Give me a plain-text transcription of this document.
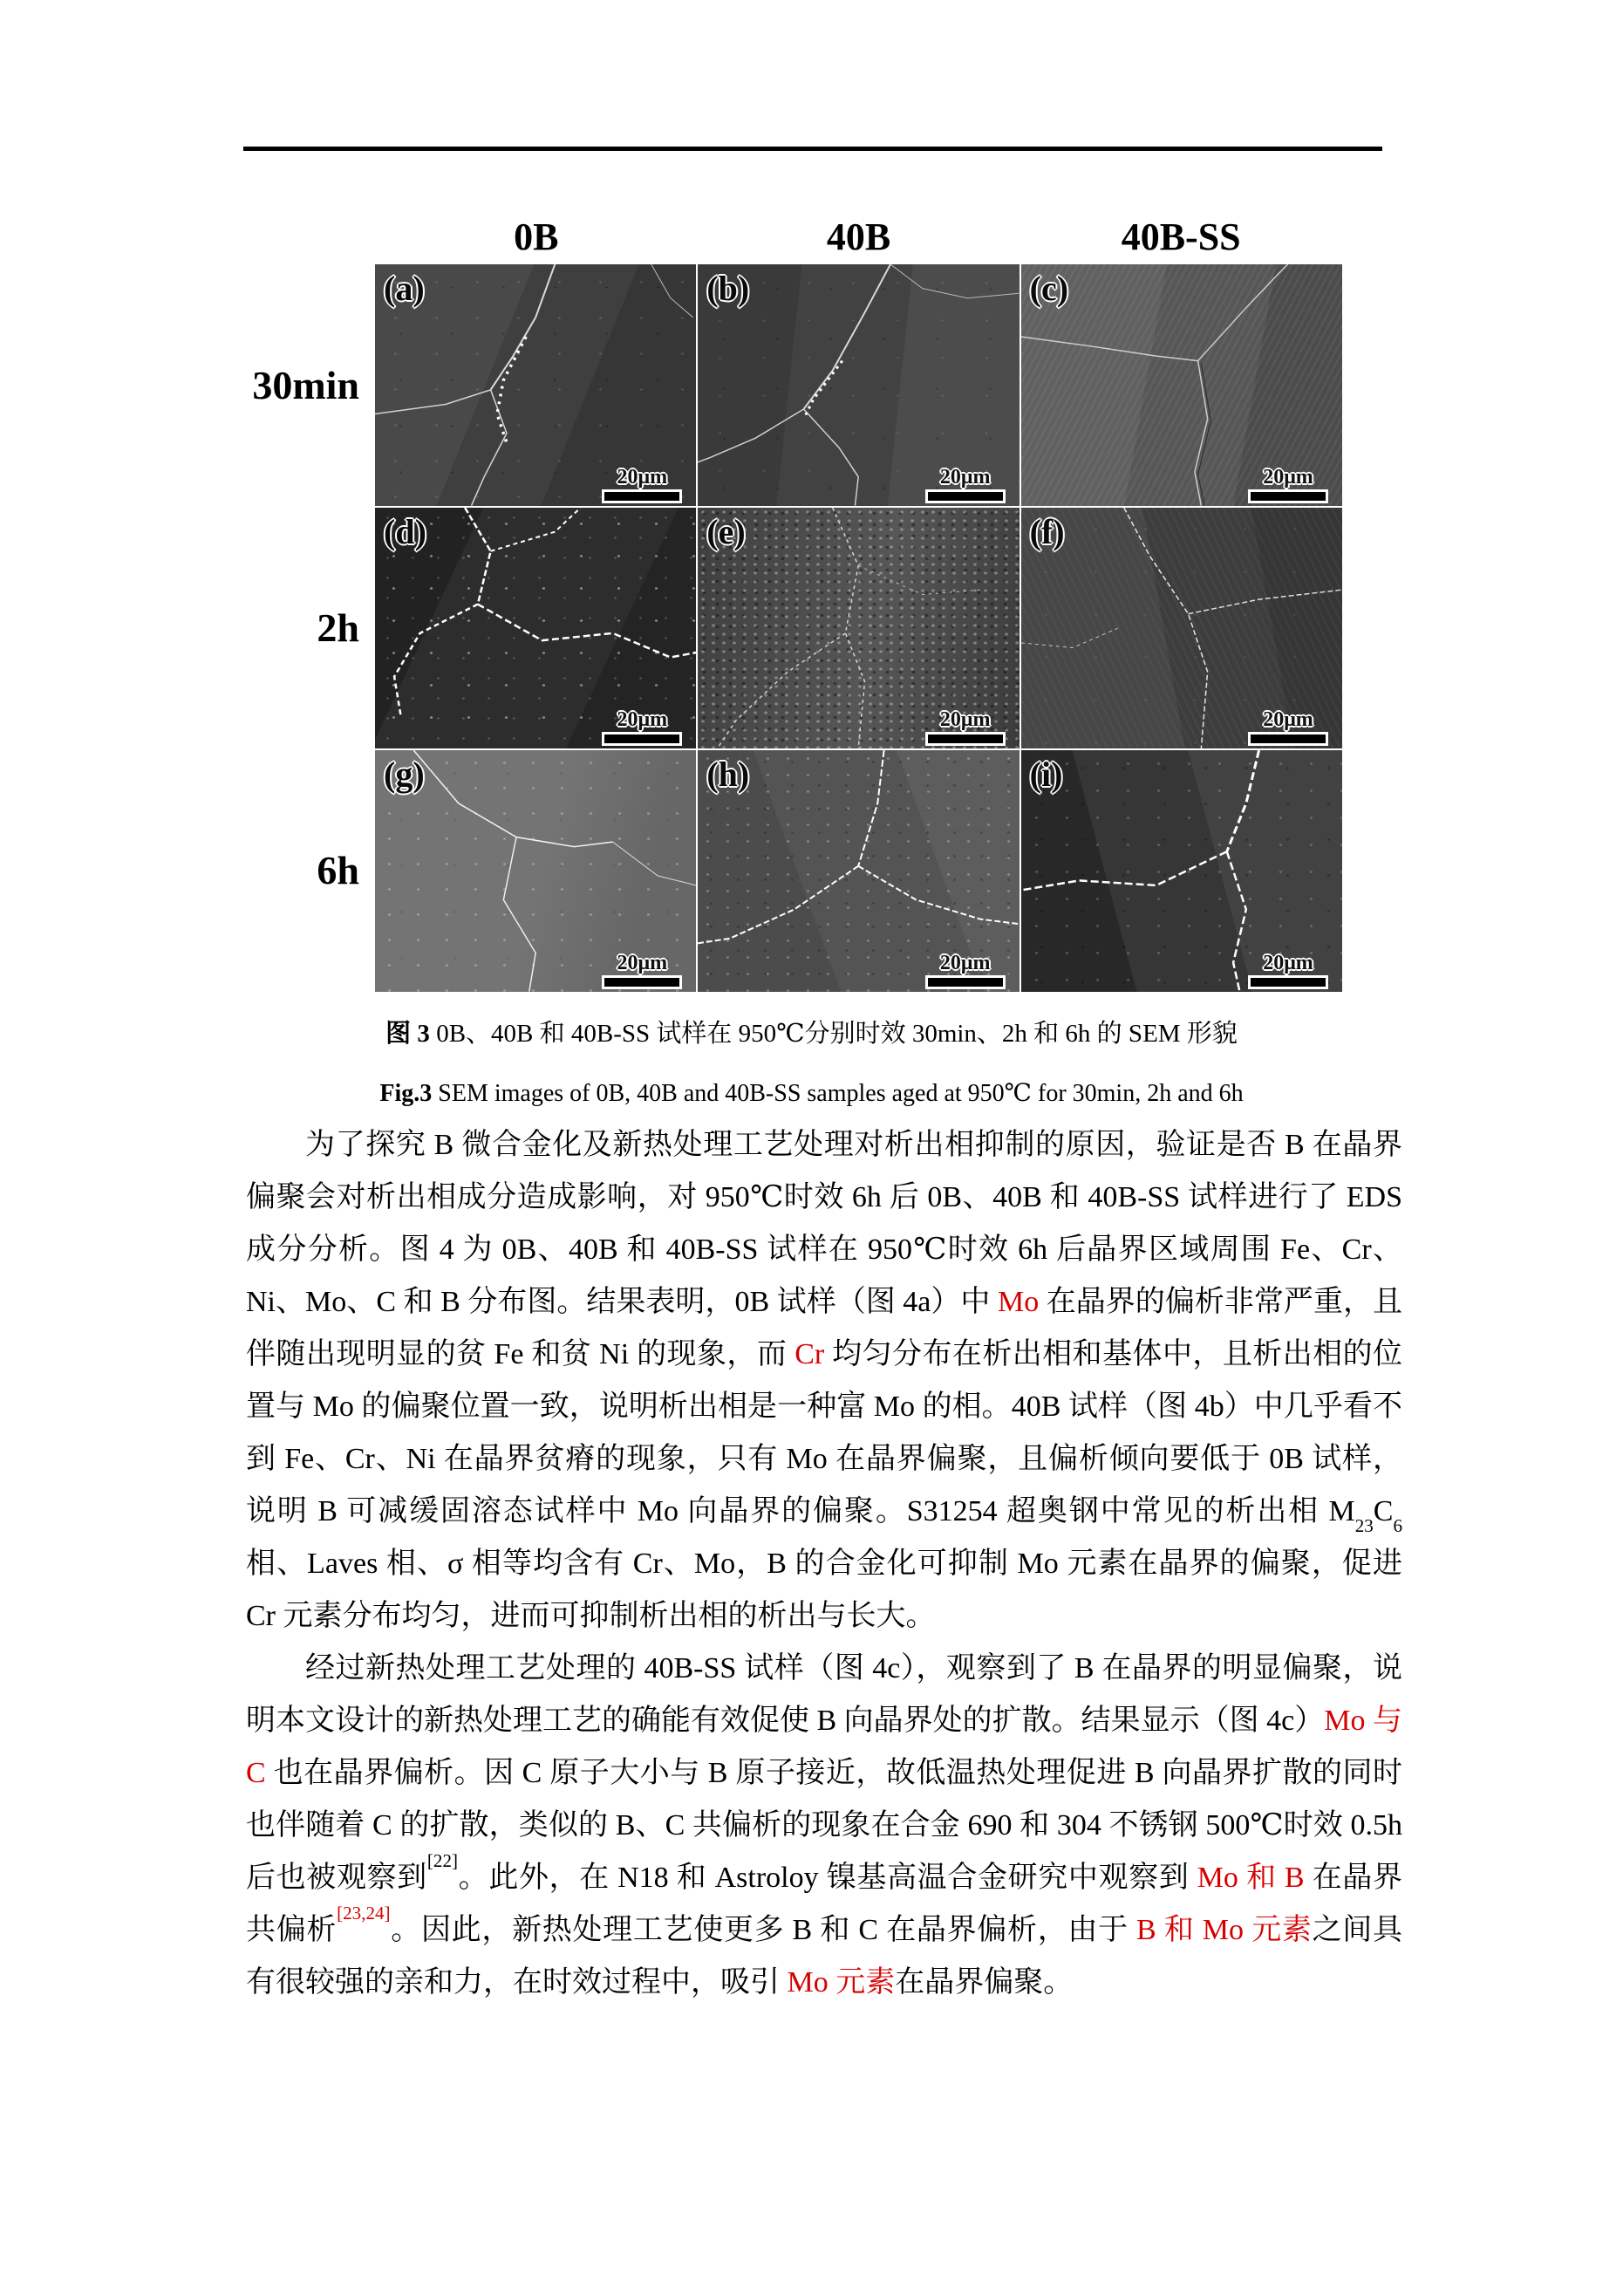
0B	40B	40B-SS
30min
2h
6h
(a)
20μm
(b)
20μm
(c)
20μm
(d)
20μm
(e)
20μm
(f)
20μm
(g)
20μm
(h)
20μm
(i)
20μm
图 3 0B、40B 和 40B-SS 试样在 950℃分别时效 30min、2h 和 6h 的 SEM 形貌
Fig.3 SEM images of 0B, 40B and 40B-SS samples aged at 950℃ for 30min, 2h and 6h

为了探究 B 微合金化及新热处理工艺处理对析出相抑制的原因，验证是否 B 在晶界偏聚会对析出相成分造成影响，对 950℃时效 6h 后 0B、40B 和 40B-SS 试样进行了 EDS 成分分析。图 4 为 0B、40B 和 40B-SS 试样在 950℃时效 6h 后晶界区域周围 Fe、Cr、Ni、Mo、C 和 B 分布图。结果表明，0B 试样（图 4a）中 Mo 在晶界的偏析非常严重，且伴随出现明显的贫 Fe 和贫 Ni 的现象，而 Cr 均匀分布在析出相和基体中，且析出相的位置与 Mo 的偏聚位置一致，说明析出相是一种富 Mo 的相。40B 试样（图 4b）中几乎看不到 Fe、Cr、Ni 在晶界贫瘠的现象，只有 Mo 在晶界偏聚，且偏析倾向要低于 0B 试样，说明 B 可减缓固溶态试样中 Mo 向晶界的偏聚。S31254 超奥钢中常见的析出相 $M_{23}C_6$ 相、Laves 相、σ 相等均含有 Cr、Mo，B 的合金化可抑制 Mo 元素在晶界的偏聚，促进 Cr 元素分布均匀，进而可抑制析出相的析出与长大。

经过新热处理工艺处理的 40B-SS 试样（图 4c），观察到了 B 在晶界的明显偏聚，说明本文设计的新热处理工艺的确能有效促使 B 向晶界处的扩散。结果显示（图 4c）Mo 与 C 也在晶界偏析。因 C 原子大小与 B 原子接近，故低温热处理促进 B 向晶界扩散的同时也伴随着 C 的扩散，类似的 B、C 共偏析的现象在合金 690 和 304 不锈钢 500℃时效 0.5h 后也被观察到[22]。此外，在 N18 和 Astroloy 镍基高温合金研究中观察到 Mo 和 B 在晶界共偏析[23,24]。因此，新热处理工艺使更多 B 和 C 在晶界偏析，由于 B 和 Mo 元素之间具有很较强的亲和力，在时效过程中，吸引 Mo 元素在晶界偏聚。
